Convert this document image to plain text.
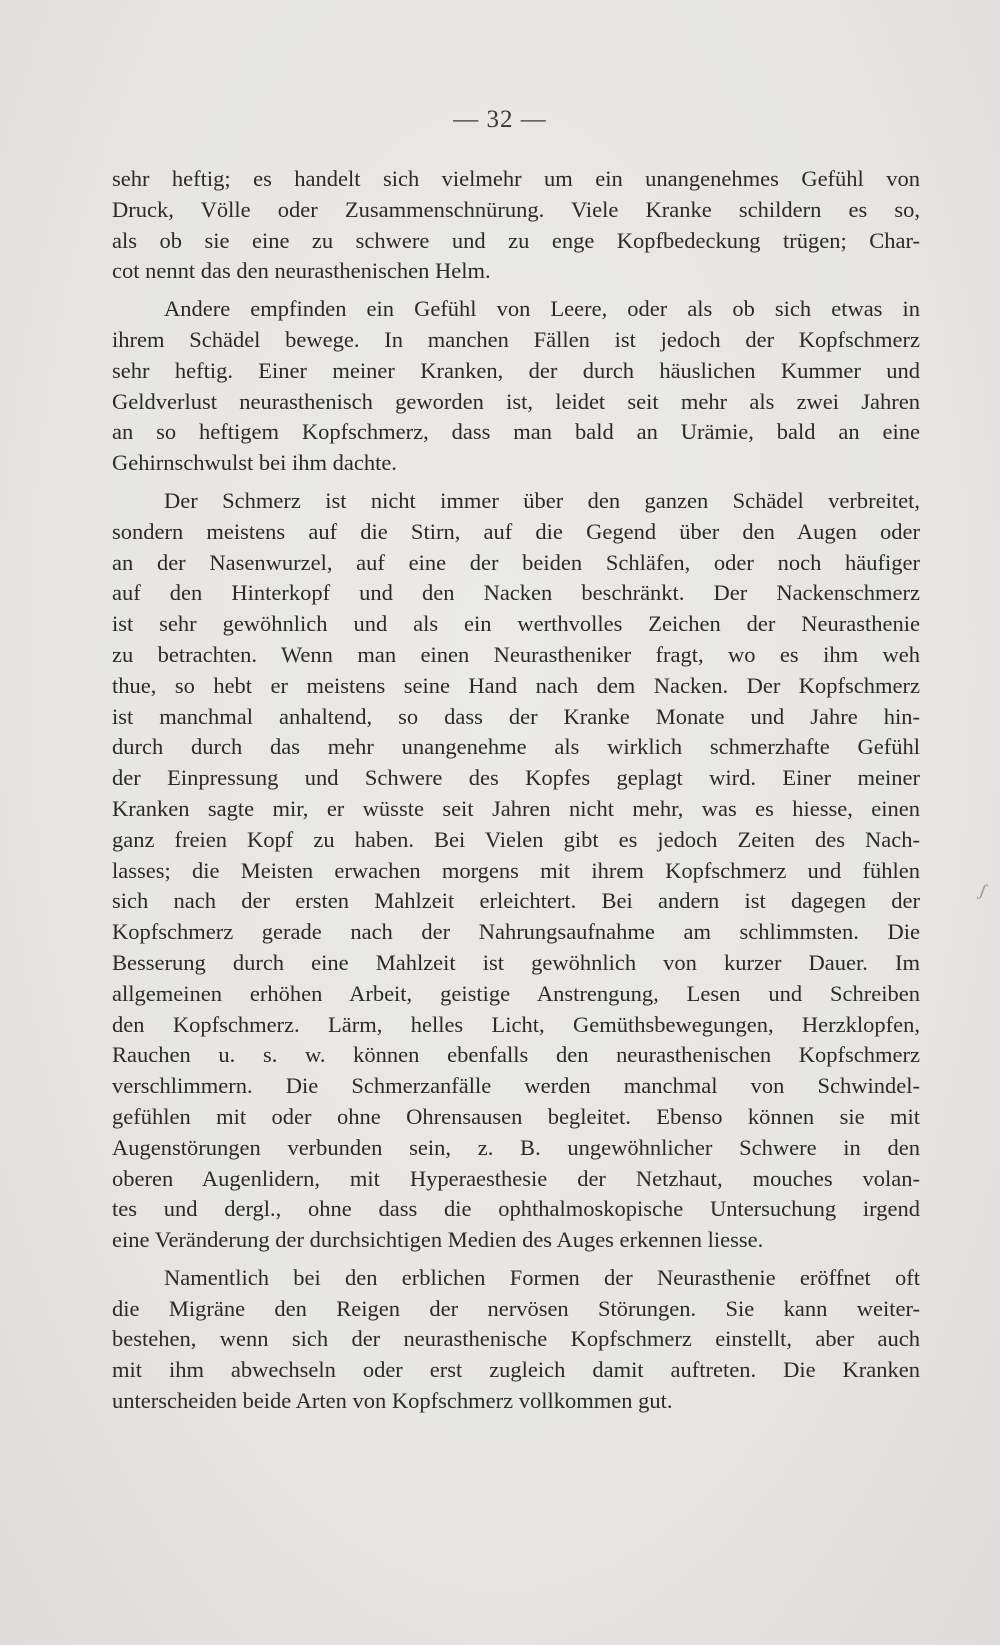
— 32 —
sehr heftig; es handelt sich vielmehr um ein unangenehmes Gefühl von
Druck, Völle oder Zusammenschnürung. Viele Kranke schildern es so,
als ob sie eine zu schwere und zu enge Kopfbedeckung trügen; Char-
cot nennt das den neurasthenischen Helm.
Andere empfinden ein Gefühl von Leere, oder als ob sich etwas in
ihrem Schädel bewege. In manchen Fällen ist jedoch der Kopfschmerz
sehr heftig. Einer meiner Kranken, der durch häuslichen Kummer und
Geldverlust neurasthenisch geworden ist, leidet seit mehr als zwei Jahren
an so heftigem Kopfschmerz, dass man bald an Urämie, bald an eine
Gehirnschwulst bei ihm dachte.
Der Schmerz ist nicht immer über den ganzen Schädel verbreitet,
sondern meistens auf die Stirn, auf die Gegend über den Augen oder
an der Nasenwurzel, auf eine der beiden Schläfen, oder noch häufiger
auf den Hinterkopf und den Nacken beschränkt. Der Nackenschmerz
ist sehr gewöhnlich und als ein werthvolles Zeichen der Neurasthenie
zu betrachten. Wenn man einen Neurastheniker fragt, wo es ihm weh
thue, so hebt er meistens seine Hand nach dem Nacken. Der Kopfschmerz
ist manchmal anhaltend, so dass der Kranke Monate und Jahre hin-
durch durch das mehr unangenehme als wirklich schmerzhafte Gefühl
der Einpressung und Schwere des Kopfes geplagt wird. Einer meiner
Kranken sagte mir, er wüsste seit Jahren nicht mehr, was es hiesse, einen
ganz freien Kopf zu haben. Bei Vielen gibt es jedoch Zeiten des Nach-
lasses; die Meisten erwachen morgens mit ihrem Kopfschmerz und fühlen
sich nach der ersten Mahlzeit erleichtert. Bei andern ist dagegen der
Kopfschmerz gerade nach der Nahrungsaufnahme am schlimmsten. Die
Besserung durch eine Mahlzeit ist gewöhnlich von kurzer Dauer. Im
allgemeinen erhöhen Arbeit, geistige Anstrengung, Lesen und Schreiben
den Kopfschmerz. Lärm, helles Licht, Gemüthsbewegungen, Herzklopfen,
Rauchen u. s. w. können ebenfalls den neurasthenischen Kopfschmerz
verschlimmern. Die Schmerzanfälle werden manchmal von Schwindel-
gefühlen mit oder ohne Ohrensausen begleitet. Ebenso können sie mit
Augenstörungen verbunden sein, z. B. ungewöhnlicher Schwere in den
oberen Augenlidern, mit Hyperaesthesie der Netzhaut, mouches volan-
tes und dergl., ohne dass die ophthalmoskopische Untersuchung irgend
eine Veränderung der durchsichtigen Medien des Auges erkennen liesse.
Namentlich bei den erblichen Formen der Neurasthenie eröffnet oft
die Migräne den Reigen der nervösen Störungen. Sie kann weiter-
bestehen, wenn sich der neurasthenische Kopfschmerz einstellt, aber auch
mit ihm abwechseln oder erst zugleich damit auftreten. Die Kranken
unterscheiden beide Arten von Kopfschmerz vollkommen gut.
ʃ
